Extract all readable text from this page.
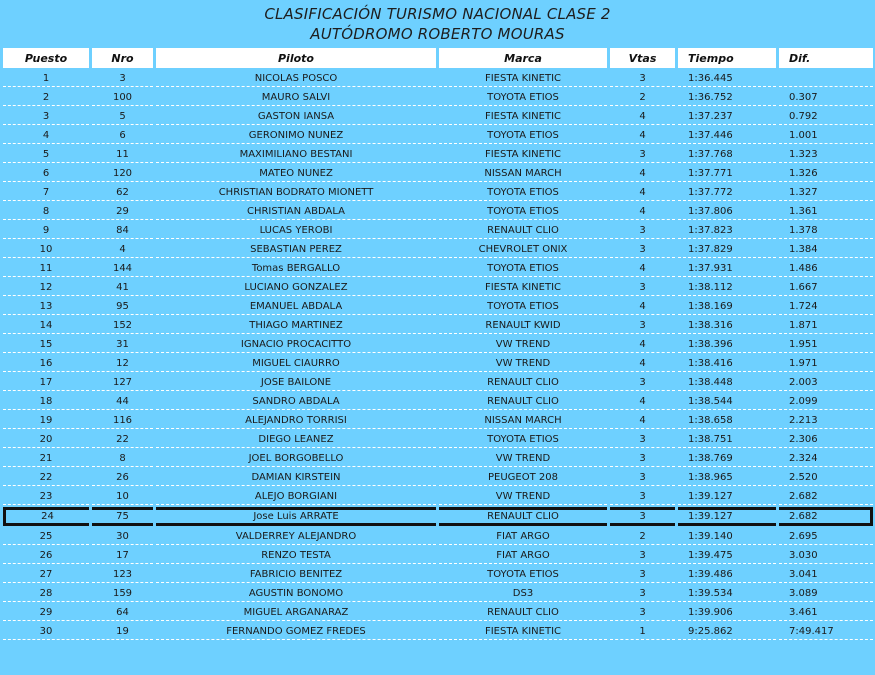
CLASIFICACIÓN TURISMO NACIONAL CLASE 2
AUTÓDROMO ROBERTO MOURAS
Puesto	Nro	Piloto	Marca	Vtas	Tiempo	Dif.
1	3	NICOLAS POSCO	FIESTA KINETIC	3	1:36.445	
2	100	MAURO SALVI	TOYOTA ETIOS	2	1:36.752	0.307
3	5	GASTON IANSA	FIESTA KINETIC	4	1:37.237	0.792
4	6	GERONIMO NUNEZ	TOYOTA ETIOS	4	1:37.446	1.001
5	11	MAXIMILIANO BESTANI	FIESTA KINETIC	3	1:37.768	1.323
6	120	MATEO NUNEZ	NISSAN MARCH	4	1:37.771	1.326
7	62	CHRISTIAN BODRATO MIONETT	TOYOTA ETIOS	4	1:37.772	1.327
8	29	CHRISTIAN ABDALA	TOYOTA ETIOS	4	1:37.806	1.361
9	84	LUCAS YEROBI	RENAULT CLIO	3	1:37.823	1.378
10	4	SEBASTIAN PEREZ	CHEVROLET ONIX	3	1:37.829	1.384
11	144	Tomas BERGALLO	TOYOTA ETIOS	4	1:37.931	1.486
12	41	LUCIANO GONZALEZ	FIESTA KINETIC	3	1:38.112	1.667
13	95	EMANUEL ABDALA	TOYOTA ETIOS	4	1:38.169	1.724
14	152	THIAGO MARTINEZ	RENAULT KWID	3	1:38.316	1.871
15	31	IGNACIO PROCACITTO	VW TREND	4	1:38.396	1.951
16	12	MIGUEL CIAURRO	VW TREND	4	1:38.416	1.971
17	127	JOSE BAILONE	RENAULT CLIO	3	1:38.448	2.003
18	44	SANDRO ABDALA	RENAULT CLIO	4	1:38.544	2.099
19	116	ALEJANDRO TORRISI	NISSAN MARCH	4	1:38.658	2.213
20	22	DIEGO LEANEZ	TOYOTA ETIOS	3	1:38.751	2.306
21	8	JOEL BORGOBELLO	VW TREND	3	1:38.769	2.324
22	26	DAMIAN KIRSTEIN	PEUGEOT 208	3	1:38.965	2.520
23	10	ALEJO BORGIANI	VW TREND	3	1:39.127	2.682
24	75	Jose Luis ARRATE	RENAULT CLIO	3	1:39.127	2.682
25	30	VALDERREY ALEJANDRO	FIAT ARGO	2	1:39.140	2.695
26	17	RENZO TESTA	FIAT ARGO	3	1:39.475	3.030
27	123	FABRICIO BENITEZ	TOYOTA ETIOS	3	1:39.486	3.041
28	159	AGUSTIN BONOMO	DS3	3	1:39.534	3.089
29	64	MIGUEL ARGANARAZ	RENAULT CLIO	3	1:39.906	3.461
30	19	FERNANDO GOMEZ FREDES	FIESTA KINETIC	1	9:25.862	7:49.417
